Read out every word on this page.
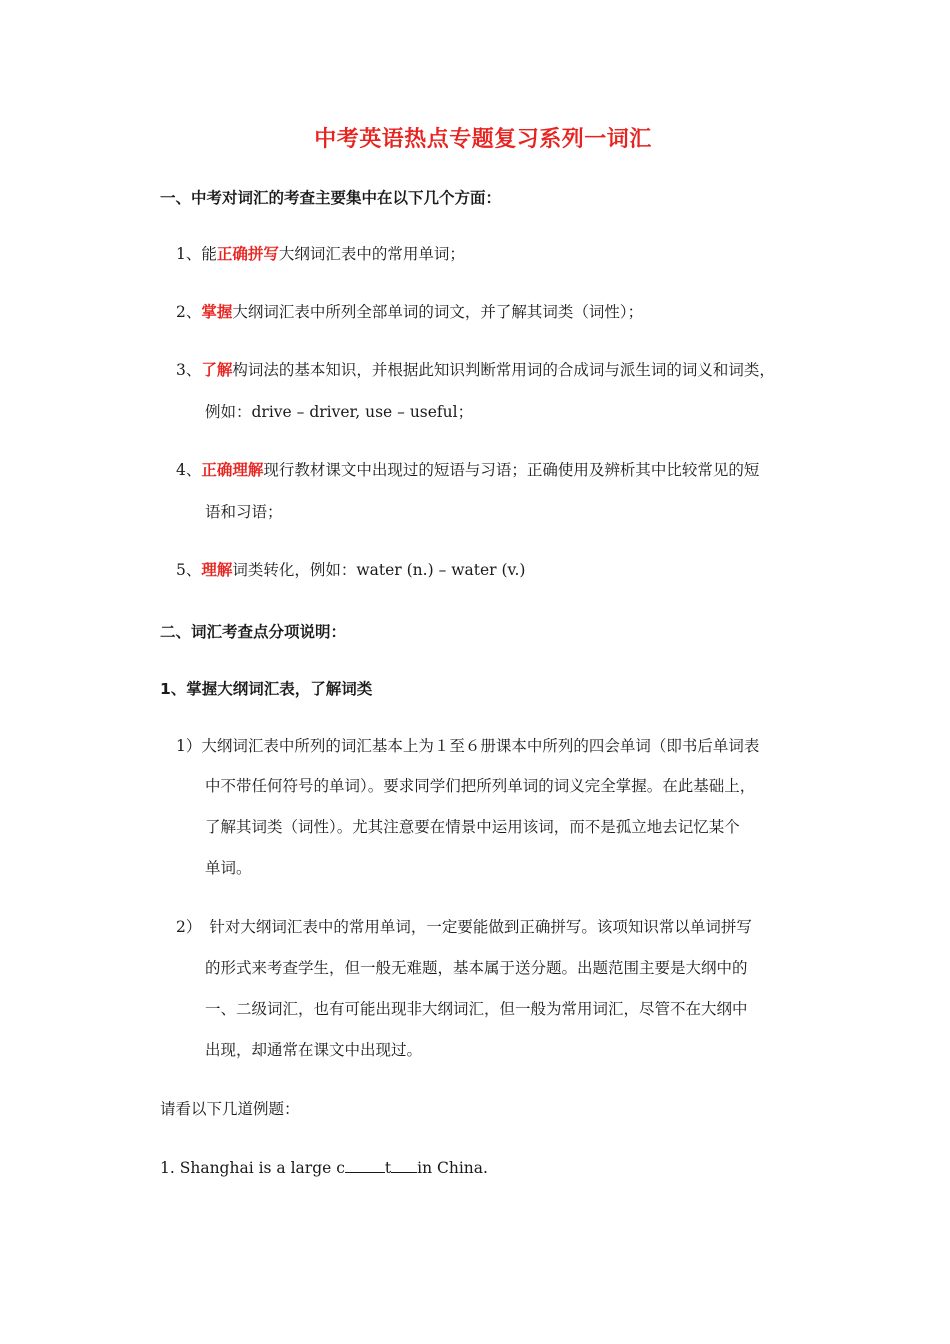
中考英语热点专题复习系列一词汇
一、中考对词汇的考查主要集中在以下几个方面：
1、能正确拼写大纲词汇表中的常用单词；
2、掌握大纲词汇表中所列全部单词的词文，并了解其词类（词性）；
3、了解构词法的基本知识，并根据此知识判断常用词的合成词与派生词的词义和词类，
例如：drive – driver, use – useful；
4、正确理解现行教材课文中出现过的短语与习语；正确使用及辨析其中比较常见的短
语和习语；
5、理解词类转化，例如：water (n.) – water (v.)
二、词汇考查点分项说明：
1、掌握大纲词汇表，了解词类
1）大纲词汇表中所列的词汇基本上为１至６册课本中所列的四会单词（即书后单词表
中不带任何符号的单词）。要求同学们把所列单词的词义完全掌握。在此基础上，
了解其词类（词性）。尤其注意要在情景中运用该词，而不是孤立地去记忆某个
单词。
2） 针对大纲词汇表中的常用单词，一定要能做到正确拼写。该项知识常以单词拼写
的形式来考查学生，但一般无难题，基本属于送分题。出题范围主要是大纲中的
一、二级词汇，也有可能出现非大纲词汇，但一般为常用词汇，尽管不在大纲中
出现，却通常在课文中出现过。
请看以下几道例题：
1. Shanghai is a large c	t in China.
